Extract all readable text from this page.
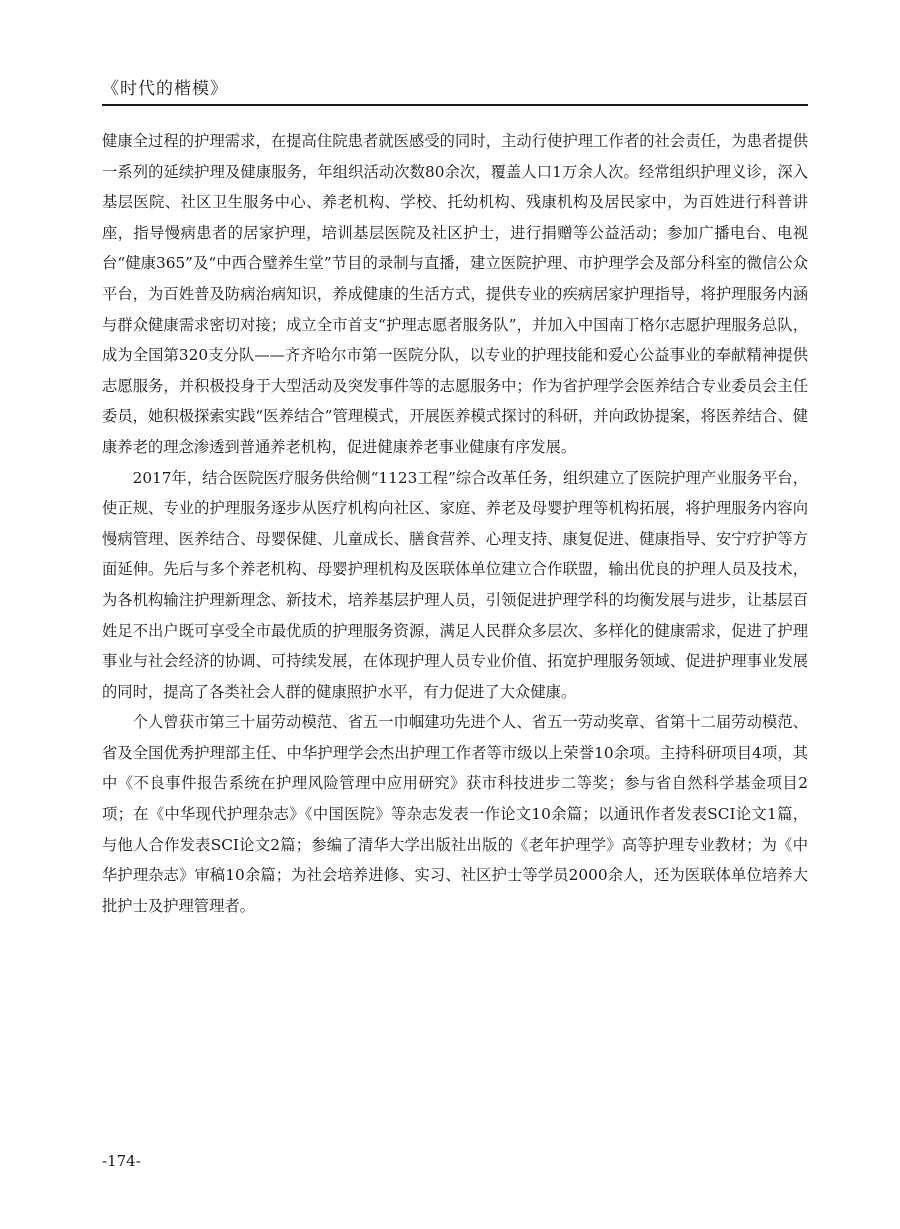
《时代的楷模》

健康全过程的护理需求，在提高住院患者就医感受的同时，主动行使护理工作者的社会责任，为患者提供一系列的延续护理及健康服务，年组织活动次数80余次，覆盖人口1万余人次。经常组织护理义诊，深入基层医院、社区卫生服务中心、养老机构、学校、托幼机构、残康机构及居民家中，为百姓进行科普讲座，指导慢病患者的居家护理，培训基层医院及社区护士，进行捐赠等公益活动；参加广播电台、电视台“健康365”及“中西合璧养生堂”节目的录制与直播，建立医院护理、市护理学会及部分科室的微信公众平台，为百姓普及防病治病知识，养成健康的生活方式，提供专业的疾病居家护理指导，将护理服务内涵与群众健康需求密切对接；成立全市首支“护理志愿者服务队”，并加入中国南丁格尔志愿护理服务总队，成为全国第320支分队——齐齐哈尔市第一医院分队，以专业的护理技能和爱心公益事业的奉献精神提供志愿服务，并积极投身于大型活动及突发事件等的志愿服务中；作为省护理学会医养结合专业委员会主任委员，她积极探索实践“医养结合”管理模式，开展医养模式探讨的科研，并向政协提案，将医养结合、健康养老的理念渗透到普通养老机构，促进健康养老事业健康有序发展。

2017年，结合医院医疗服务供给侧“1123工程”综合改革任务，组织建立了医院护理产业服务平台，使正规、专业的护理服务逐步从医疗机构向社区、家庭、养老及母婴护理等机构拓展，将护理服务内容向慢病管理、医养结合、母婴保健、儿童成长、膳食营养、心理支持、康复促进、健康指导、安宁疗护等方面延伸。先后与多个养老机构、母婴护理机构及医联体单位建立合作联盟，输出优良的护理人员及技术，为各机构输注护理新理念、新技术，培养基层护理人员，引领促进护理学科的均衡发展与进步，让基层百姓足不出户既可享受全市最优质的护理服务资源，满足人民群众多层次、多样化的健康需求，促进了护理事业与社会经济的协调、可持续发展，在体现护理人员专业价值、拓宽护理服务领域、促进护理事业发展的同时，提高了各类社会人群的健康照护水平，有力促进了大众健康。

个人曾获市第三十届劳动模范、省五一巾帼建功先进个人、省五一劳动奖章、省第十二届劳动模范、省及全国优秀护理部主任、中华护理学会杰出护理工作者等市级以上荣誉10余项。主持科研项目4项，其中《不良事件报告系统在护理风险管理中应用研究》获市科技进步二等奖；参与省自然科学基金项目2项；在《中华现代护理杂志》《中国医院》等杂志发表一作论文10余篇；以通讯作者发表SCI论文1篇，与他人合作发表SCI论文2篇；参编了清华大学出版社出版的《老年护理学》高等护理专业教材；为《中华护理杂志》审稿10余篇；为社会培养进修、实习、社区护士等学员2000余人，还为医联体单位培养大批护士及护理管理者。

-174-
